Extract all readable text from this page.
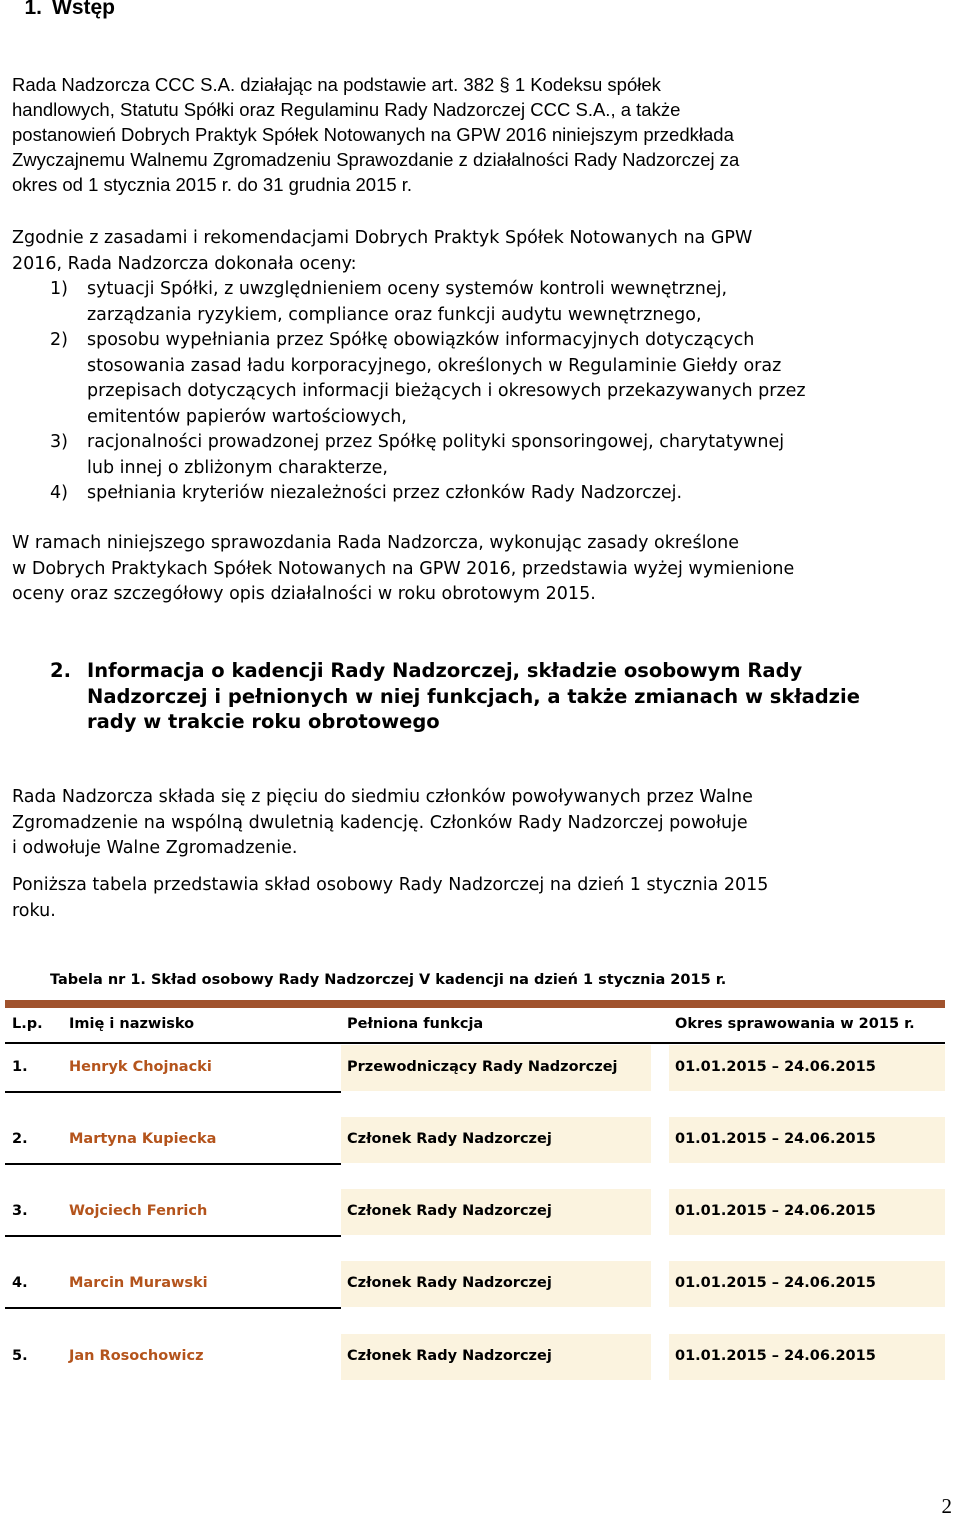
1. Wstęp
Rada Nadzorcza CCC S.A. działając na podstawie art. 382 § 1 Kodeksu spółek
handlowych, Statutu Spółki oraz Regulaminu Rady Nadzorczej CCC S.A., a także
postanowień Dobrych Praktyk Spółek Notowanych na GPW 2016 niniejszym przedkłada
Zwyczajnemu Walnemu Zgromadzeniu Sprawozdanie z działalności Rady Nadzorczej za
okres od 1 stycznia 2015 r. do 31 grudnia 2015 r.
Zgodnie z zasadami i rekomendacjami Dobrych Praktyk Spółek Notowanych na GPW
2016, Rada Nadzorcza dokonała oceny:
1) sytuacji Spółki, z uwzględnieniem oceny systemów kontroli wewnętrznej,
zarządzania ryzykiem, compliance oraz funkcji audytu wewnętrznego,
2) sposobu wypełniania przez Spółkę obowiązków informacyjnych dotyczących
stosowania zasad ładu korporacyjnego, określonych w Regulaminie Giełdy oraz
przepisach dotyczących informacji bieżących i okresowych przekazywanych przez
emitentów papierów wartościowych,
3) racjonalności prowadzonej przez Spółkę polityki sponsoringowej, charytatywnej
lub innej o zbliżonym charakterze,
4) spełniania kryteriów niezależności przez członków Rady Nadzorczej.
W ramach niniejszego sprawozdania Rada Nadzorcza, wykonując zasady określone
w Dobrych Praktykach Spółek Notowanych na GPW 2016, przedstawia wyżej wymienione
oceny oraz szczegółowy opis działalności w roku obrotowym 2015.
2. Informacja o kadencji Rady Nadzorczej, składzie osobowym Rady
Nadzorczej i pełnionych w niej funkcjach, a także zmianach w składzie
rady w trakcie roku obrotowego
Rada Nadzorcza składa się z pięciu do siedmiu członków powoływanych przez Walne
Zgromadzenie na wspólną dwuletnią kadencję. Członków Rady Nadzorczej powołuje
i odwołuje Walne Zgromadzenie.
Poniższa tabela przedstawia skład osobowy Rady Nadzorczej na dzień 1 stycznia 2015
roku.
Tabela nr 1. Skład osobowy Rady Nadzorczej V kadencji na dzień 1 stycznia 2015 r.
L.p. Imię i nazwisko	Pełniona funkcja	Okres sprawowania w 2015 r.
1.	Henryk Chojnacki	Przewodniczący Rady Nadzorczej	01.01.2015 – 24.06.2015
2.	Martyna Kupiecka	Członek Rady Nadzorczej	01.01.2015 – 24.06.2015
3.	Wojciech Fenrich	Członek Rady Nadzorczej	01.01.2015 – 24.06.2015
4.	Marcin Murawski	Członek Rady Nadzorczej	01.01.2015 – 24.06.2015
5.	Jan Rosochowicz	Członek Rady Nadzorczej	01.01.2015 – 24.06.2015
2
